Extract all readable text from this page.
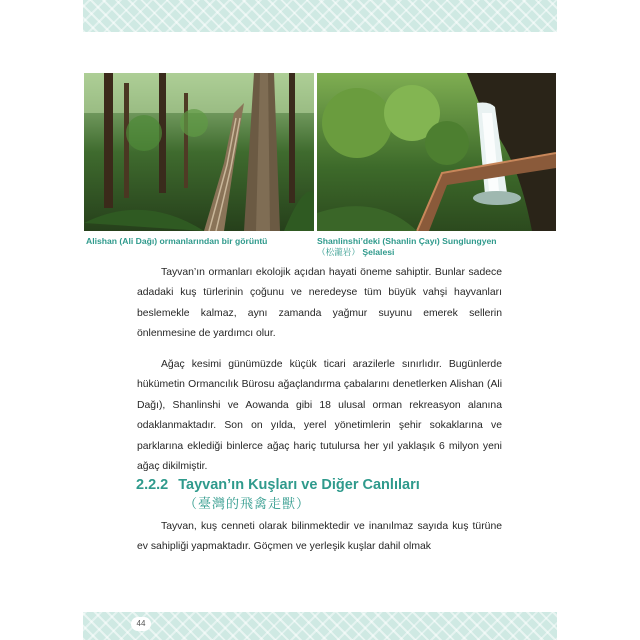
Alishan (Ali Dağı) ormanlarından bir görüntü	Shanlinshi’deki (Shanlin Çayı) Sunglungyen
（松瀧岩） Şelalesi

Tayvan’ın ormanları ekolojik açıdan hayati öneme sahiptir. Bunlar sadece adadaki kuş türlerinin çoğunu ve neredeyse tüm büyük vahşi hayvanları beslemekle kalmaz, aynı zamanda yağmur suyunu emerek sellerin önlenmesine de yardımcı olur.

Ağaç kesimi günümüzde küçük ticari arazilerle sınırlıdır. Bugünlerde hükümetin Ormancılık Bürosu ağaçlandırma çabalarını denetlerken Alishan (Ali Dağı), Shanlinshi ve Aowanda gibi 18 ulusal orman rekreasyon alanına odaklanmaktadır. Son on yılda, yerel yönetimlerin şehir sokaklarına ve parklarına eklediği binlerce ağaç hariç tutulursa her yıl yaklaşık 6 milyon yeni ağaç dikilmiştir.

2.2.2 Tayvan’ın Kuşları ve Diğer Canlıları
（臺灣的飛禽走獸）

Tayvan, kuş cenneti olarak bilinmektedir ve inanılmaz sayıda kuş türüne ev sahipliği yapmaktadır. Göçmen ve yerleşik kuşlar dahil olmak

44
